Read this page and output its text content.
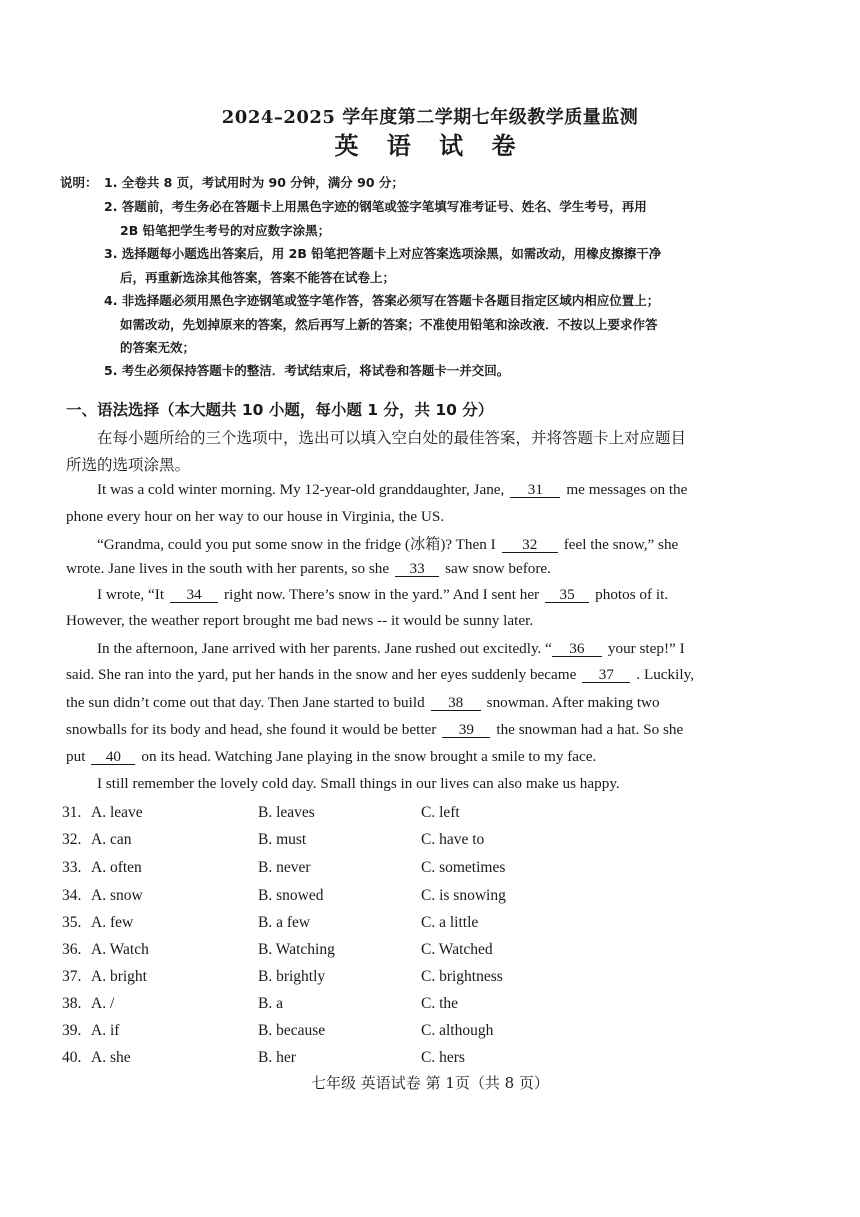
2024–2025 学年度第二学期七年级教学质量监测
英 语 试 卷
说明： 1. 全卷共 8 页，考试用时为 90 分钟，满分 90 分；
2. 答题前，考生务必在答题卡上用黑色字迹的钢笔或签字笔填写准考证号、姓名、学生考号，再用
2B 铅笔把学生考号的对应数字涂黑；
3. 选择题每小题选出答案后，用 2B 铅笔把答题卡上对应答案选项涂黑，如需改动，用橡皮擦擦干净
后，再重新选涂其他答案，答案不能答在试卷上；
4. 非选择题必须用黑色字迹钢笔或签字笔作答，答案必须写在答题卡各题目指定区域内相应位置上；
如需改动，先划掉原来的答案，然后再写上新的答案；不准使用铅笔和涂改液．不按以上要求作答
的答案无效；
5. 考生必须保持答题卡的整洁．考试结束后，将试卷和答题卡一并交回。
一、语法选择（本大题共 10 小题，每小题 1 分，共 10 分）
在每小题所给的三个选项中，选出可以填入空白处的最佳答案，并将答题卡上对应题目
所选的选项涂黑。
It was a cold winter morning. My 12-year-old granddaughter, Jane, 31 me messages on the
phone every hour on her way to our house in Virginia, the US.
“Grandma, could you put some snow in the fridge (冰箱)? Then I 32 feel the snow,” she
wrote. Jane lives in the south with her parents, so she 33 saw snow before.
I wrote, “It 34 right now. There’s snow in the yard.” And I sent her 35 photos of it.
However, the weather report brought me bad news -- it would be sunny later.
In the afternoon, Jane arrived with her parents. Jane rushed out excitedly. “ 36 your step!” I
said. She ran into the yard, put her hands in the snow and her eyes suddenly became 37 . Luckily,
the sun didn’t come out that day. Then Jane started to build 38 snowman. After making two
snowballs for its body and head, she found it would be better 39 the snowman had a hat. So she
put 40 on its head. Watching Jane playing in the snow brought a smile to my face.
I still remember the lovely cold day. Small things in our lives can also make us happy.
31. A. leave	B. leaves	C. left
32. A. can	B. must	C. have to
33. A. often	B. never	C. sometimes
34. A. snow	B. snowed	C. is snowing
35. A. few	B. a few	C. a little
36. A. Watch	B. Watching	C. Watched
37. A. bright	B. brightly	C. brightness
38. A. /	B. a	C. the
39. A. if	B. because	C. although
40. A. she	B. her	C. hers
七年级 英语试卷 第 1页（共 8 页）
